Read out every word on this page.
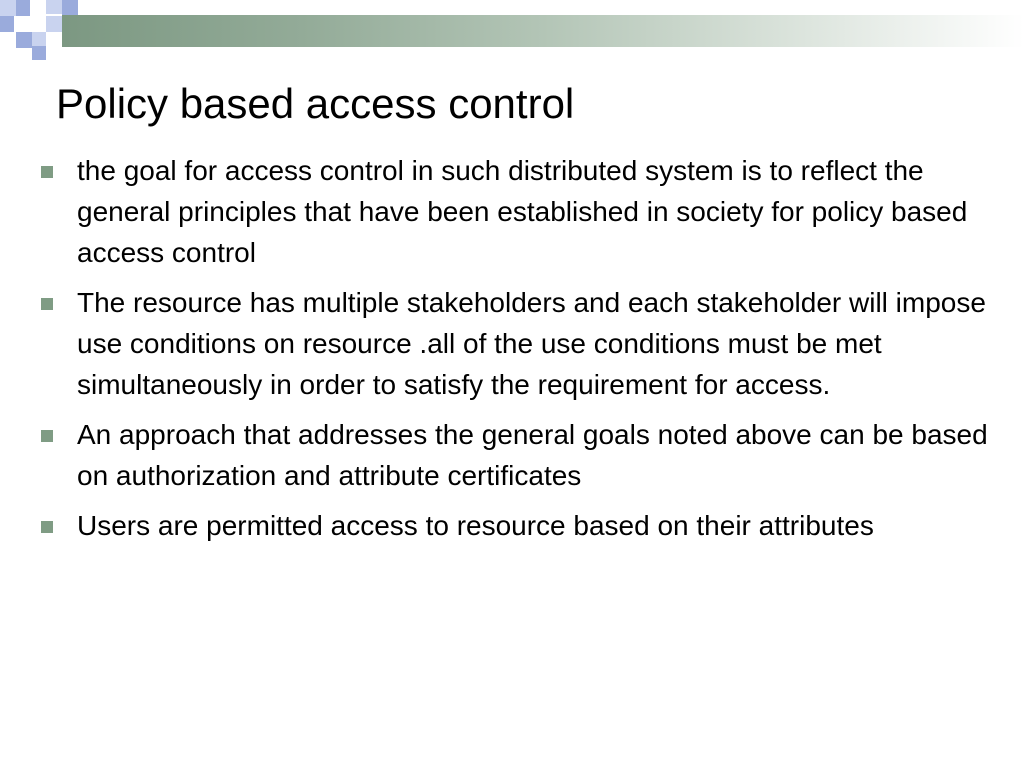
Policy based access control
the goal for access control in such distributed system is to reflect the general principles that have been established in society for policy based access control
The resource has multiple stakeholders and each stakeholder will impose use conditions on resource .all of the use conditions must be met simultaneously in order to satisfy the requirement for access.
An approach that addresses the general goals noted above can be based on authorization and attribute certificates
Users are permitted access to resource based on their attributes
